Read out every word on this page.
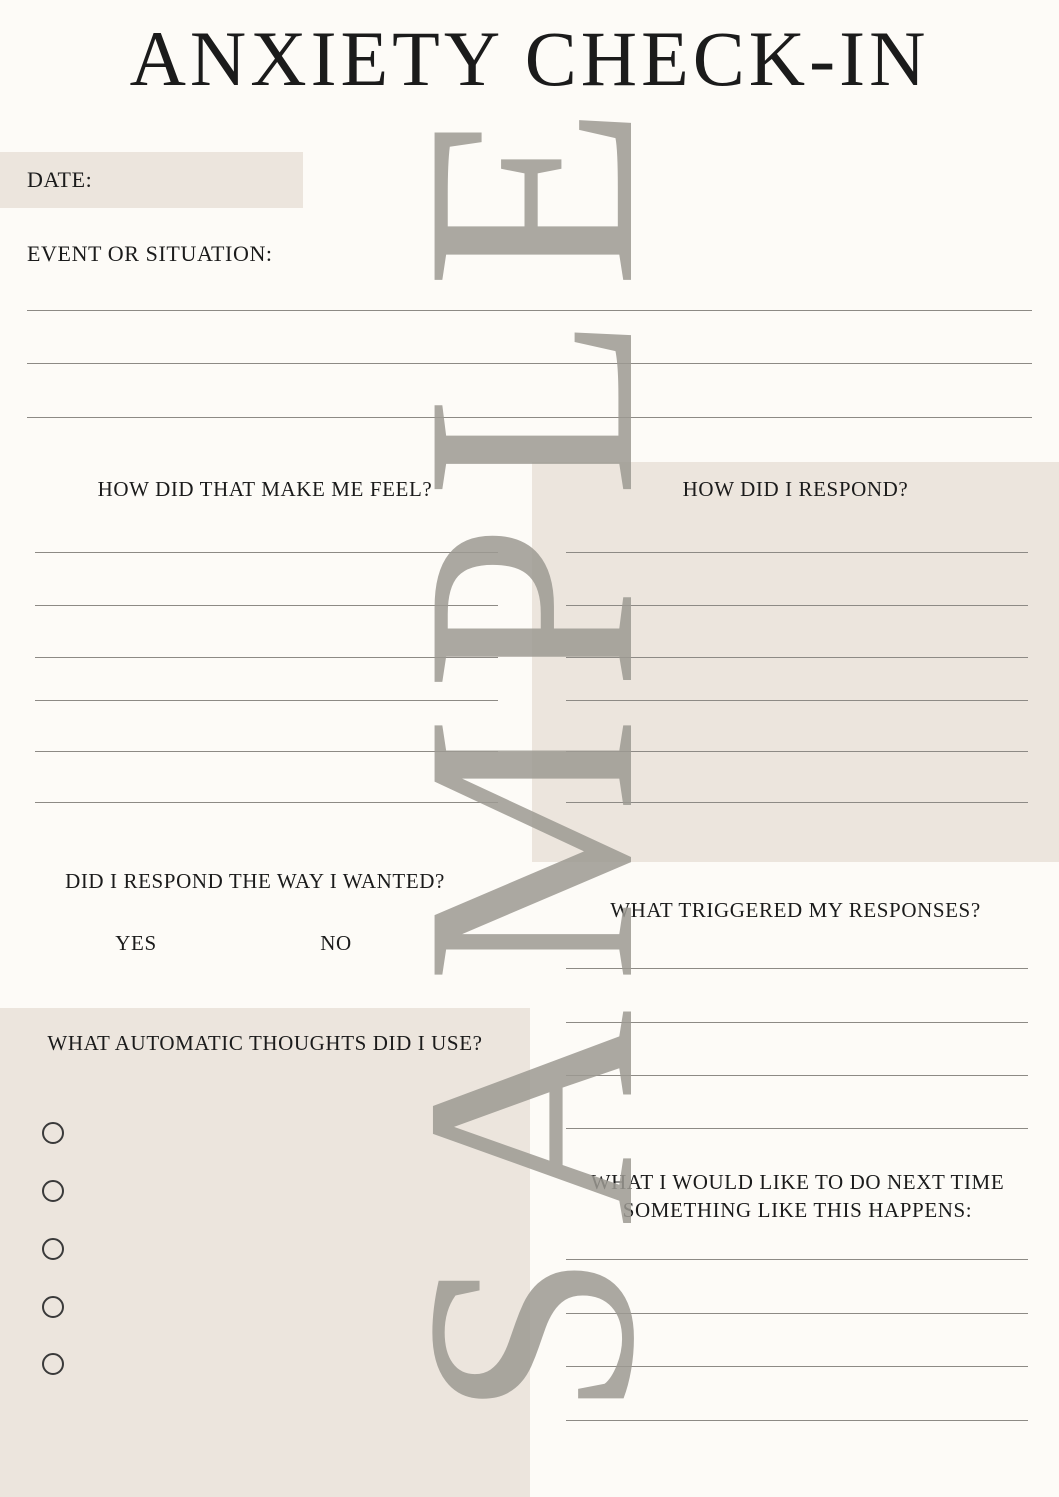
SAMPLE
ANXIETY CHECK-IN
DATE:
EVENT OR SITUATION:
HOW DID THAT MAKE ME FEEL?	HOW DID I RESPOND?
DID I RESPOND THE WAY I WANTED?
YES	NO
WHAT TRIGGERED MY RESPONSES?
WHAT AUTOMATIC THOUGHTS DID I USE?
WHAT I WOULD LIKE TO DO NEXT TIME SOMETHING LIKE THIS HAPPENS:
